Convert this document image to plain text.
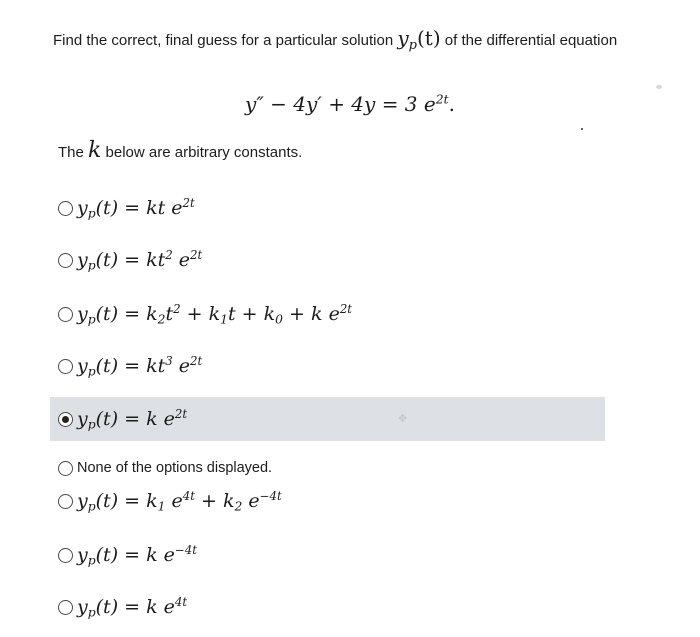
Find the correct, final guess for a particular solution $y_p(t)$ of the differential equation
y″ − 4y′ + 4y = 3 $e^{2t}$.
The k below are arbitrary constants.
$y_p(t)$ = kt $e^{2t}$
$y_p(t) = kt^2$ $e^{2t}$
$y_p(t) = k_2t^2 + k_1t + k_0 + k$ $e^{2t}$
$y_p(t) = kt^3$ $e^{2t}$
$y_p(t) = k$ $e^{2t}$	✥
None of the options displayed.
$y_p(t) = k_1$ $e^{4t} + k_2$ $e^{-4t}$
$y_p(t) = k$ $e^{-4t}$
$y_p(t) = k$ $e^{4t}$
